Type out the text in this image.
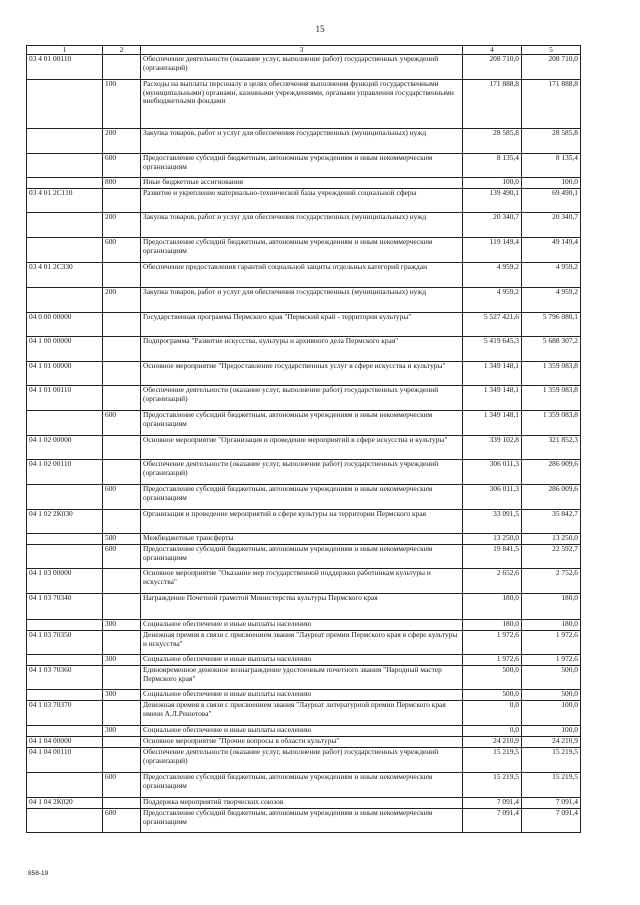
15
1	2	3	4	5
03 4 01 00110		Обеспечение деятельности (оказание услуг, выполнение работ) государственных учреждений (организаций)	208 710,0	208 710,0
	100	Расходы на выплаты персоналу в целях обеспечения выполнения функций государственными (муниципальными) органами, казенными учреждениями, органами управления государственными внебюджетными фондами	171 888,8	171 888,8
	200	Закупка товаров, работ и услуг для обеспечения государственных (муниципальных) нужд	28 585,8	28 585,8
	600	Предоставление субсидий бюджетным, автономным учреждениям и иным некоммерческим организациям	8 135,4	8 135,4
	800	Иные бюджетные ассигнования	100,0	100,0
03 4 01 2С110		Развитие и укрепление материально-технической базы учреждений социальной сферы	139 490,1	69 490,1
	200	Закупка товаров, работ и услуг для обеспечения государственных (муниципальных) нужд	20 340,7	20 340,7
	600	Предоставление субсидий бюджетным, автономным учреждениям и иным некоммерческим организациям	119 149,4	49 149,4
03 4 01 2С330		Обеспечение предоставления гарантий социальной защиты отдельных категорий граждан	4 959,2	4 959,2
	200	Закупка товаров, работ и услуг для обеспечения государственных (муниципальных) нужд	4 959,2	4 959,2
04 0 00 00000		Государственная программа Пермского края "Пермский край - территория культуры"	5 527 421,6	5 796 080,1
04 1 00 00000		Подпрограмма "Развитие искусства, культуры и архивного дела Пермского края"	5 419 645,3	5 688 307,2
04 1 01 00000		Основное мероприятие "Предоставление государственных услуг в сфере искусства и культуры"	1 349 148,1	1 359 083,8
04 1 01 00110		Обеспечение деятельности (оказание услуг, выполнение работ) государственных учреждений (организаций)	1 349 148,1	1 359 083,8
	600	Предоставление субсидий бюджетным, автономным учреждениям и иным некоммерческим организациям	1 349 148,1	1 359 083,8
04 1 02 00000		Основное мероприятие "Организация и проведение мероприятий в сфере искусства и культуры"	339 102,8	321 852,3
04 1 02 00110		Обеспечение деятельности (оказание услуг, выполнение работ) государственных учреждений (организаций)	306 011,3	286 009,6
	600	Предоставление субсидий бюджетным, автономным учреждениям и иным некоммерческим организациям	306 011,3	286 009,6
04 1 02 2К030		Организация и проведение мероприятий в сфере культуры на территории Пермского края	33 091,5	35 842,7
	500	Межбюджетные трансферты	13 250,0	13 250,0
	600	Предоставление субсидий бюджетным, автономным учреждениям и иным некоммерческим организациям	19 841,5	22 592,7
04 1 03 00000		Основное мероприятие "Оказание мер государственной поддержки работникам культуры и искусства"	2 652,6	2 752,6
04 1 03 70340		Награждение Почетной грамотой Министерства культуры Пермского края	180,0	180,0
	300	Социальное обеспечение и иные выплаты населению	180,0	180,0
04 1 03 70350		Денежная премия в связи с присвоением звания "Лауреат премии Пермского края в сфере культуры и искусства"	1 972,6	1 972,6
	300	Социальное обеспечение и иные выплаты населению	1 972,6	1 972,6
04 1 03 70360		Единовременное денежное вознаграждение удостоенным почетного звания "Народный мастер Пермского края"	500,0	500,0
	300	Социальное обеспечение и иные выплаты населению	500,0	500,0
04 1 03 70370		Денежная премия в связи с присвоением звания "Лауреат литературной премии Пермского края имени А.Л.Решетова"	0,0	100,0
	300	Социальное обеспечение и иные выплаты населению	0,0	100,0
04 1 04 00000		Основное мероприятие "Прочие вопросы в области культуры"	24 210,9	24 210,9
04 1 04 00110		Обеспечение деятельности (оказание услуг, выполнение работ) государственных учреждений (организаций)	15 219,5	15 219,5
	600	Предоставление субсидий бюджетным, автономным учреждениям и иным некоммерческим организациям	15 219,5	15 219,5
04 1 04 2К020		Поддержка мероприятий творческих союзов	7 091,4	7 091,4
	600	Предоставление субсидий бюджетным, автономным учреждениям и иным некоммерческим организациям	7 091,4	7 091,4
858-19
